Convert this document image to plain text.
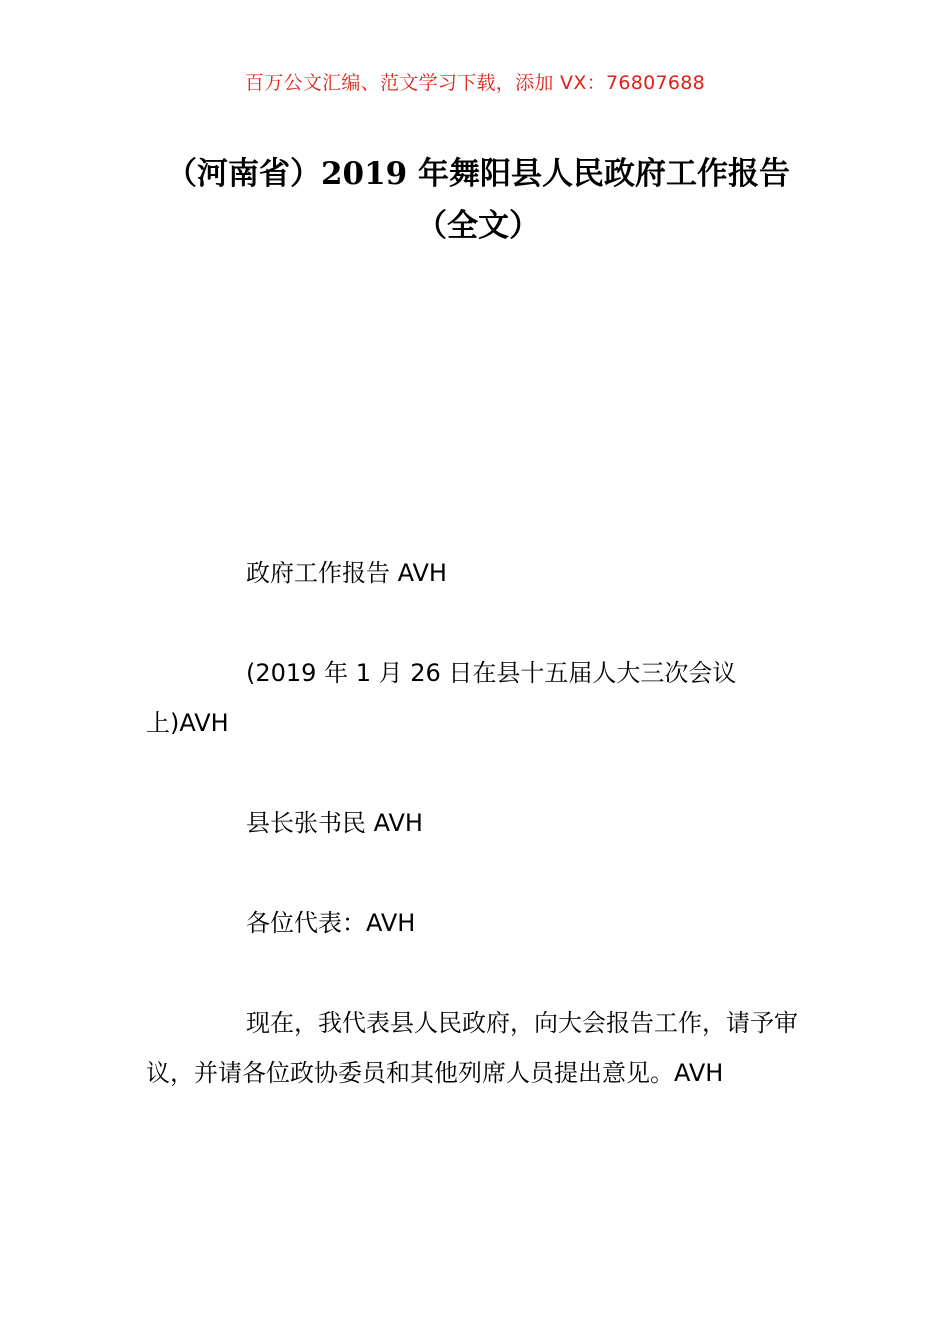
百万公文汇编、范文学习下载，添加 VX：76807688
（河南省）2019 年舞阳县人民政府工作报告（全文）
政府工作报告 AVH
(2019 年 1 月 26 日在县十五届人大三次会议上)AVH
县长张书民 AVH
各位代表：AVH
现在，我代表县人民政府，向大会报告工作，请予审议，并请各位政协委员和其他列席人员提出意见。AVH
